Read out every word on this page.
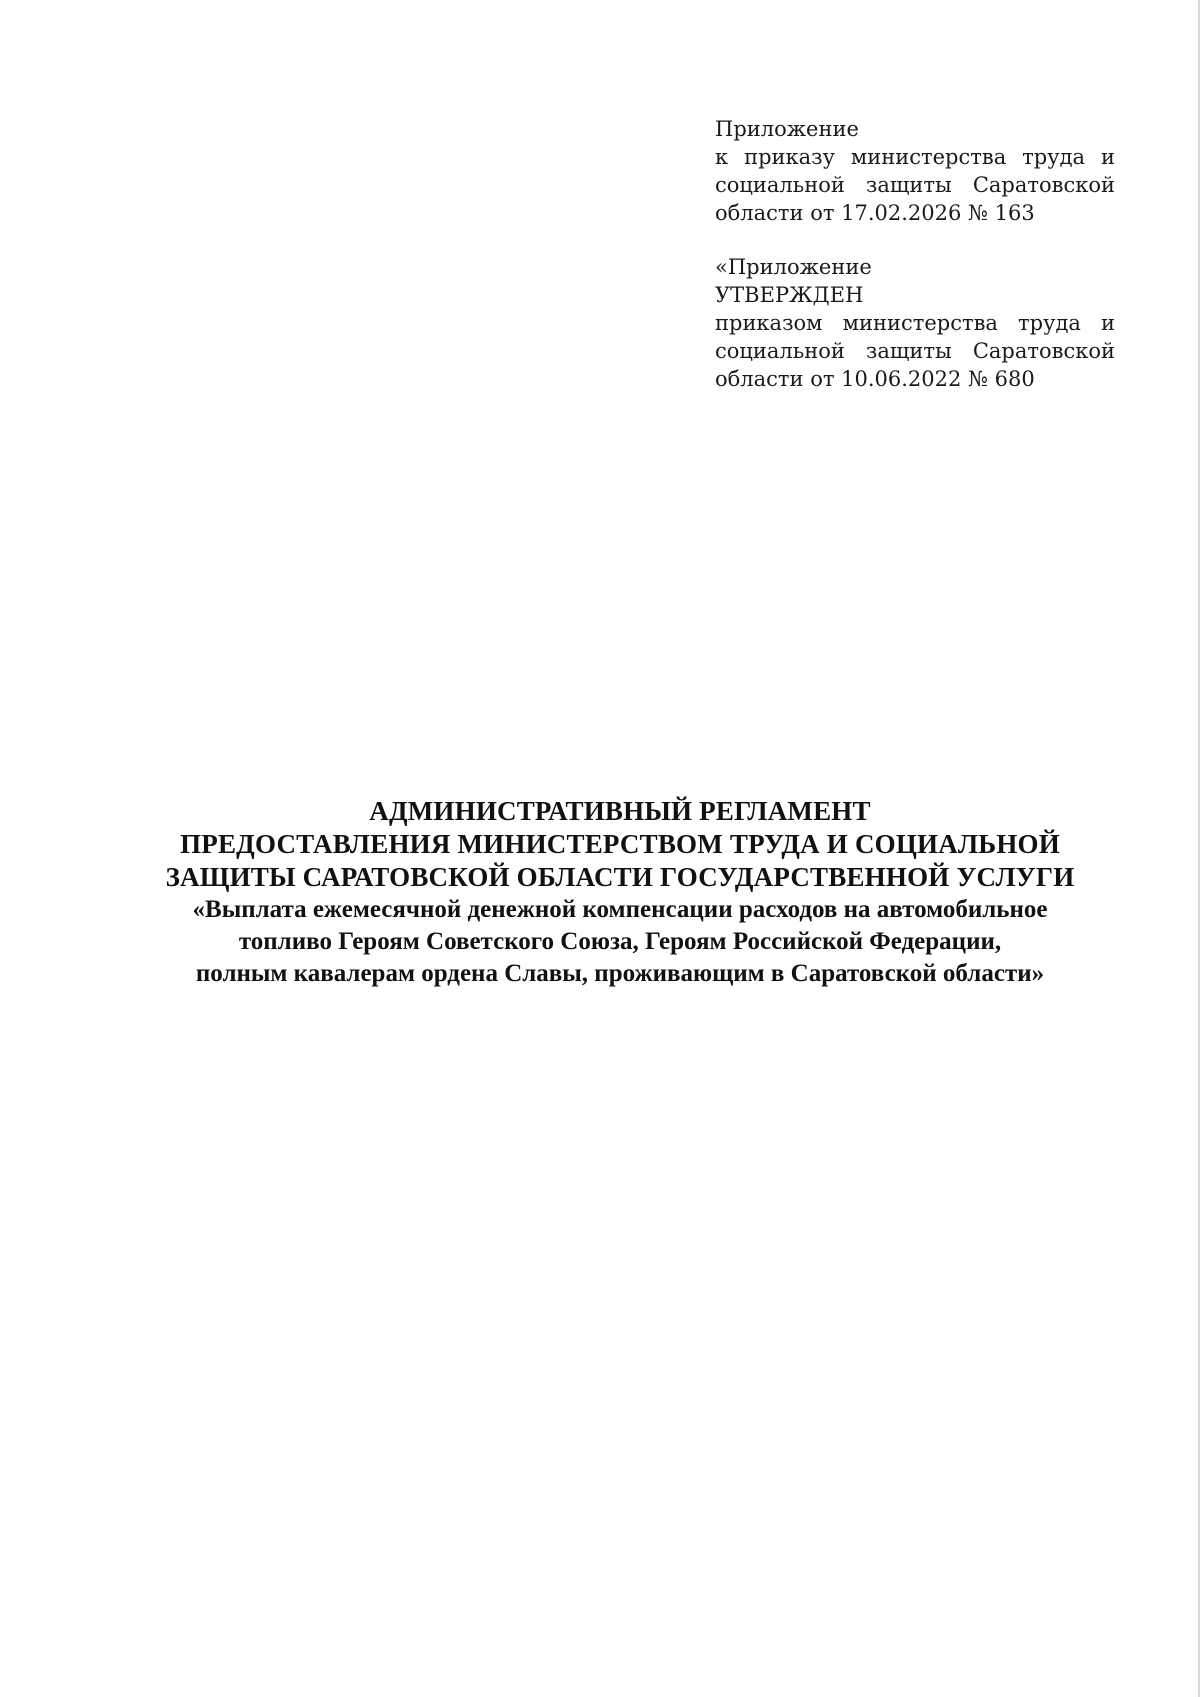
Приложение
к приказу министерства труда и
социальной защиты Саратовской
области от 17.02.2026 № 163
«Приложение
УТВЕРЖДЕН
приказом министерства труда и
социальной защиты Саратовской
области от 10.06.2022 № 680
АДМИНИСТРАТИВНЫЙ РЕГЛАМЕНТ
ПРЕДОСТАВЛЕНИЯ МИНИСТЕРСТВОМ ТРУДА И СОЦИАЛЬНОЙ
ЗАЩИТЫ САРАТОВСКОЙ ОБЛАСТИ ГОСУДАРСТВЕННОЙ УСЛУГИ
«Выплата ежемесячной денежной компенсации расходов на автомобильное
топливо Героям Советского Союза, Героям Российской Федерации,
полным кавалерам ордена Славы, проживающим в Саратовской области»
